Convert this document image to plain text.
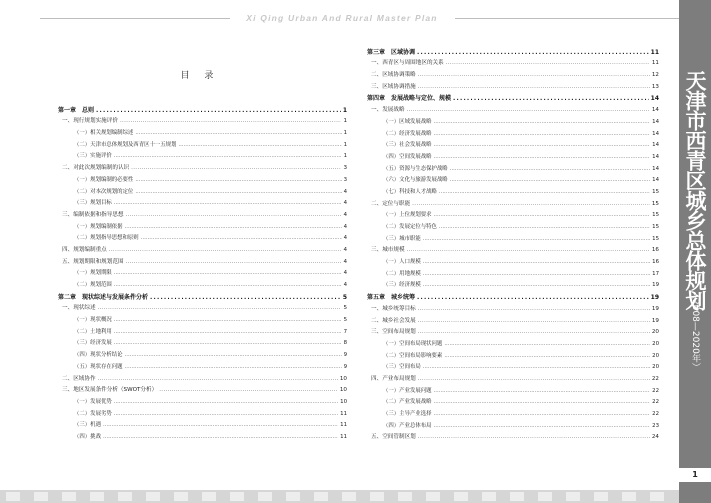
Xi Qing Urban And Rural Master Plan
目 录
第一章　总则 .....	1
一、现行规划实施评价 .....	1
（一）相关规划编制综述 .....	1
（二）天津市总体规划及西青区十一五规划 .....	1
（三）实施评价 .....	1
二、对此次规划编制的认识 .....	3
（一）规划编制的必要性 .....	3
（二）对本次规划的定位 .....	4
（三）规划目标 .....	4
三、编制依据和指导思想 .....	4
（一）规划编制依据 .....	4
（二）规划指导思想和原则 .....	4
四、规划编制重点 .....	4
五、规划期限和规划范围 .....	4
（一）规划期限 .....	4
（二）规划范围 .....	4
第二章　现状综述与发展条件分析 .....	5
一、现状综述 .....	5
（一）现状概况 .....	5
（二）土地利用 .....	7
（三）经济发展 .....	8
（四）现状分析结论 .....	9
（五）现状存在问题 .....	9
二、区域协作 .....	10
三、地区发展条件分析（SWOT分析） .....	10
（一）发展优势 .....	10
（二）发展劣势 .....	11
（三）机遇 .....	11
（四）挑战 .....	11
第三章　区域协调 .....	11
一、西青区与周围地区的关系 .....	11
二、区域协调策略 .....	12
三、区域协调措施 .....	13
第四章　发展战略与定位、规模 .....	14
一、发展战略 .....	14
（一）区域发展战略 .....	14
（二）经济发展战略 .....	14
（三）社会发展战略 .....	14
（四）空间发展战略 .....	14
（五）资源与生态保护战略 .....	14
（六）文化与旅游发展战略 .....	14
（七）科技和人才战略 .....	15
二、定位与职能 .....	15
（一）上位规划要求 .....	15
（二）发展定位与特色 .....	15
（三）城市职能 .....	15
三、城市规模 .....	16
（一）人口规模 .....	16
（二）用地规模 .....	17
（三）经济规模 .....	19
第五章　城乡统筹 .....	19
一、城乡统筹目标 .....	19
二、城乡社会发展 .....	19
三、空间布局规划 .....	20
（一）空间布局现状问题 .....	20
（二）空间布局影响要素 .....	20
（三）空间布局 .....	20
四、产业布局规划 .....	22
（一）产业发展问题 .....	22
（二）产业发展战略 .....	22
（三）主导产业选择 .....	22
（四）产业总体布局 .....	23
五、空间管制区划 .....	24
天津市西青区城乡总体规划
（2008—2020年）
1
